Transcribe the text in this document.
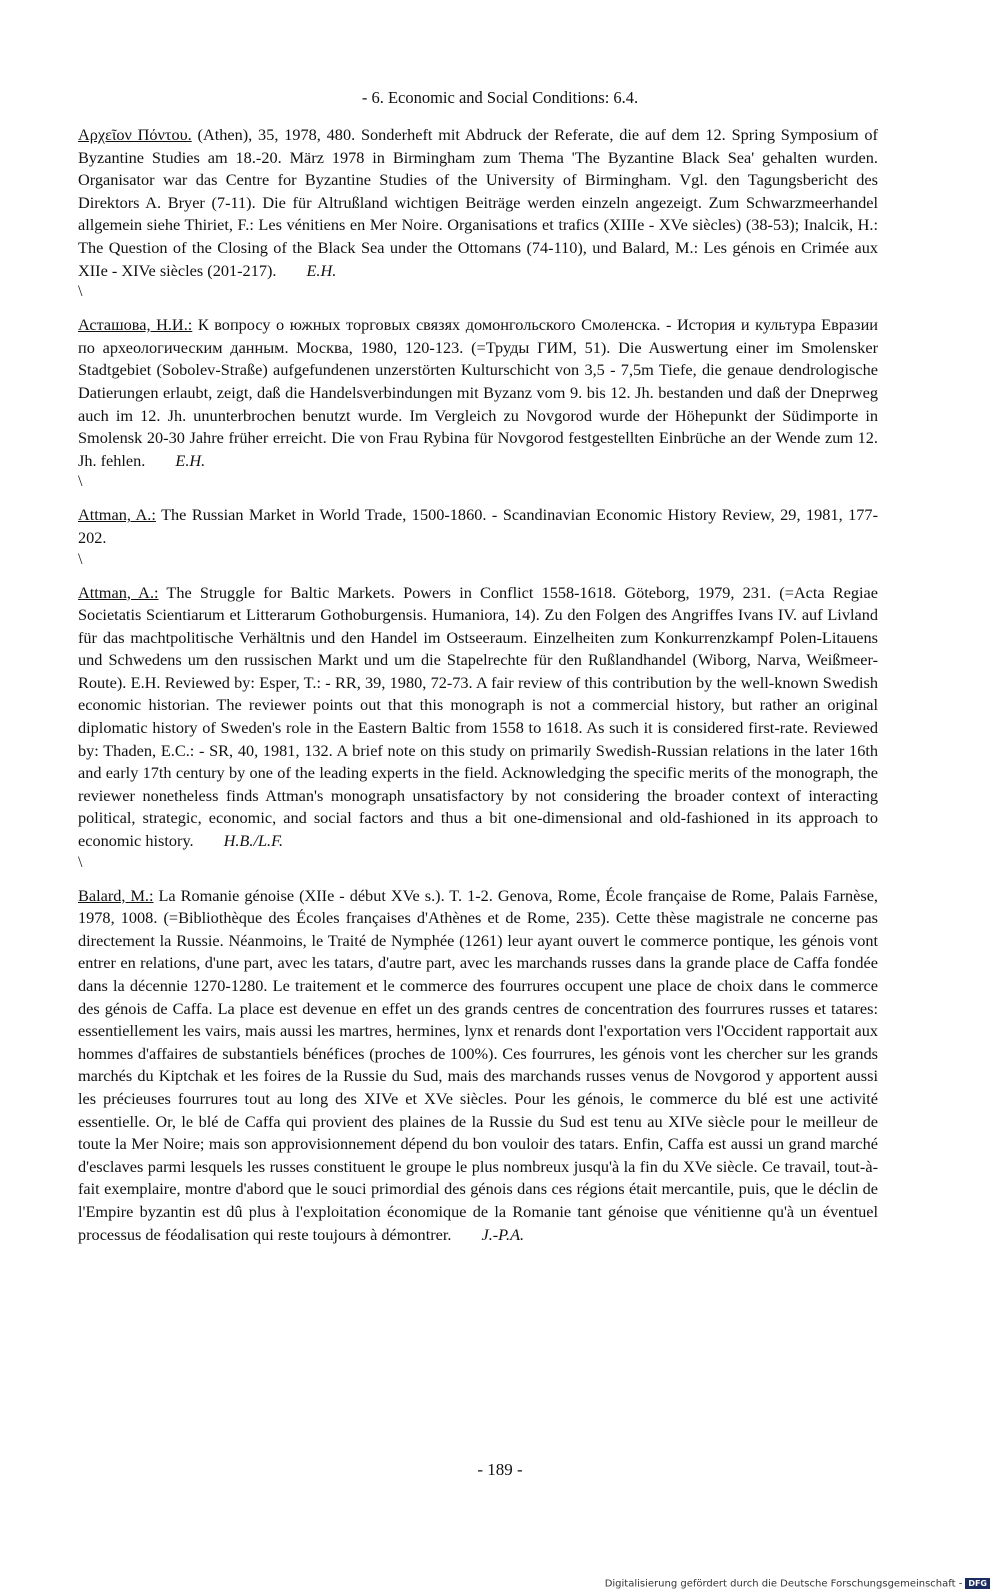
- 6. Economic and Social Conditions: 6.4.

Αρχεῖον Πόντου. (Athen), 35, 1978, 480. Sonderheft mit Abdruck der Referate, die auf dem 12. Spring Symposium of Byzantine Studies am 18.-20. März 1978 in Birmingham zum Thema 'The Byzantine Black Sea' gehalten wurden. Organisator war das Centre for Byzantine Studies of the University of Birmingham. Vgl. den Tagungsbericht des Direktors A. Bryer (7-11). Die für Altrußland wichtigen Beiträge werden einzeln angezeigt. Zum Schwarzmeerhandel allgemein siehe Thiriet, F.: Les vénitiens en Mer Noire. Organisations et trafics (XIIIe - XVe siècles) (38-53); Inalcik, H.: The Question of the Closing of the Black Sea under the Ottomans (74-110), und Balard, M.: Les génois en Crimée aux XIIe - XIVe siècles (201-217). E.H.

\

Асташова, Н.И.: К вопросу о южных торговых связях домонгольского Смоленска. - История и культура Евразии по археологическим данным. Москва, 1980, 120-123. (=Труды ГИМ, 51). Die Auswertung einer im Smolensker Stadtgebiet (Sobolev-Straße) aufgefundenen unzerstörten Kulturschicht von 3,5 - 7,5m Tiefe, die genaue dendrologische Datierungen erlaubt, zeigt, daß die Handelsverbindungen mit Byzanz vom 9. bis 12. Jh. bestanden und daß der Dneprweg auch im 12. Jh. ununterbrochen benutzt wurde. Im Vergleich zu Novgorod wurde der Höhepunkt der Südimporte in Smolensk 20-30 Jahre früher erreicht. Die von Frau Rybina für Novgorod festgestellten Einbrüche an der Wende zum 12. Jh. fehlen. E.H.

\

Attman, A.: The Russian Market in World Trade, 1500-1860. - Scandinavian Economic History Review, 29, 1981, 177-202.

\

Attman, A.: The Struggle for Baltic Markets. Powers in Conflict 1558-1618. Göteborg, 1979, 231. (=Acta Regiae Societatis Scientiarum et Litterarum Gothoburgensis. Humaniora, 14). Zu den Folgen des Angriffes Ivans IV. auf Livland für das machtpolitische Verhältnis und den Handel im Ostseeraum. Einzelheiten zum Konkurrenzkampf Polen-Litauens und Schwedens um den russischen Markt und um die Stapelrechte für den Rußlandhandel (Wiborg, Narva, Weißmeer-Route). E.H. Reviewed by: Esper, T.: - RR, 39, 1980, 72-73. A fair review of this contribution by the well-known Swedish economic historian. The reviewer points out that this monograph is not a commercial history, but rather an original diplomatic history of Sweden's role in the Eastern Baltic from 1558 to 1618. As such it is considered first-rate. Reviewed by: Thaden, E.C.: - SR, 40, 1981, 132. A brief note on this study on primarily Swedish-Russian relations in the later 16th and early 17th century by one of the leading experts in the field. Acknowledging the specific merits of the monograph, the reviewer nonetheless finds Attman's monograph unsatisfactory by not considering the broader context of interacting political, strategic, economic, and social factors and thus a bit one-dimensional and old-fashioned in its approach to economic history. H.B./L.F.

\

Balard, M.: La Romanie génoise (XIIe - début XVe s.). T. 1-2. Genova, Rome, École française de Rome, Palais Farnèse, 1978, 1008. (=Bibliothèque des Écoles françaises d'Athènes et de Rome, 235). Cette thèse magistrale ne concerne pas directement la Russie. Néanmoins, le Traité de Nymphée (1261) leur ayant ouvert le commerce pontique, les génois vont entrer en relations, d'une part, avec les tatars, d'autre part, avec les marchands russes dans la grande place de Caffa fondée dans la décennie 1270-1280. Le traitement et le commerce des fourrures occupent une place de choix dans le commerce des génois de Caffa. La place est devenue en effet un des grands centres de concentration des fourrures russes et tatares: essentiellement les vairs, mais aussi les martres, hermines, lynx et renards dont l'exportation vers l'Occident rapportait aux hommes d'affaires de substantiels bénéfices (proches de 100%). Ces fourrures, les génois vont les chercher sur les grands marchés du Kiptchak et les foires de la Russie du Sud, mais des marchands russes venus de Novgorod y apportent aussi les précieuses fourrures tout au long des XIVe et XVe siècles. Pour les génois, le commerce du blé est une activité essentielle. Or, le blé de Caffa qui provient des plaines de la Russie du Sud est tenu au XIVe siècle pour le meilleur de toute la Mer Noire; mais son approvisionnement dépend du bon vouloir des tatars. Enfin, Caffa est aussi un grand marché d'esclaves parmi lesquels les russes constituent le groupe le plus nombreux jusqu'à la fin du XVe siècle. Ce travail, tout-à-fait exemplaire, montre d'abord que le souci primordial des génois dans ces régions était mercantile, puis, que le déclin de l'Empire byzantin est dû plus à l'exploitation économique de la Romanie tant génoise que vénitienne qu'à un éventuel processus de féodalisation qui reste toujours à démontrer. J.-P.A.

- 189 -
Digitalisierung gefördert durch die Deutsche Forschungsgemeinschaft - DFG
